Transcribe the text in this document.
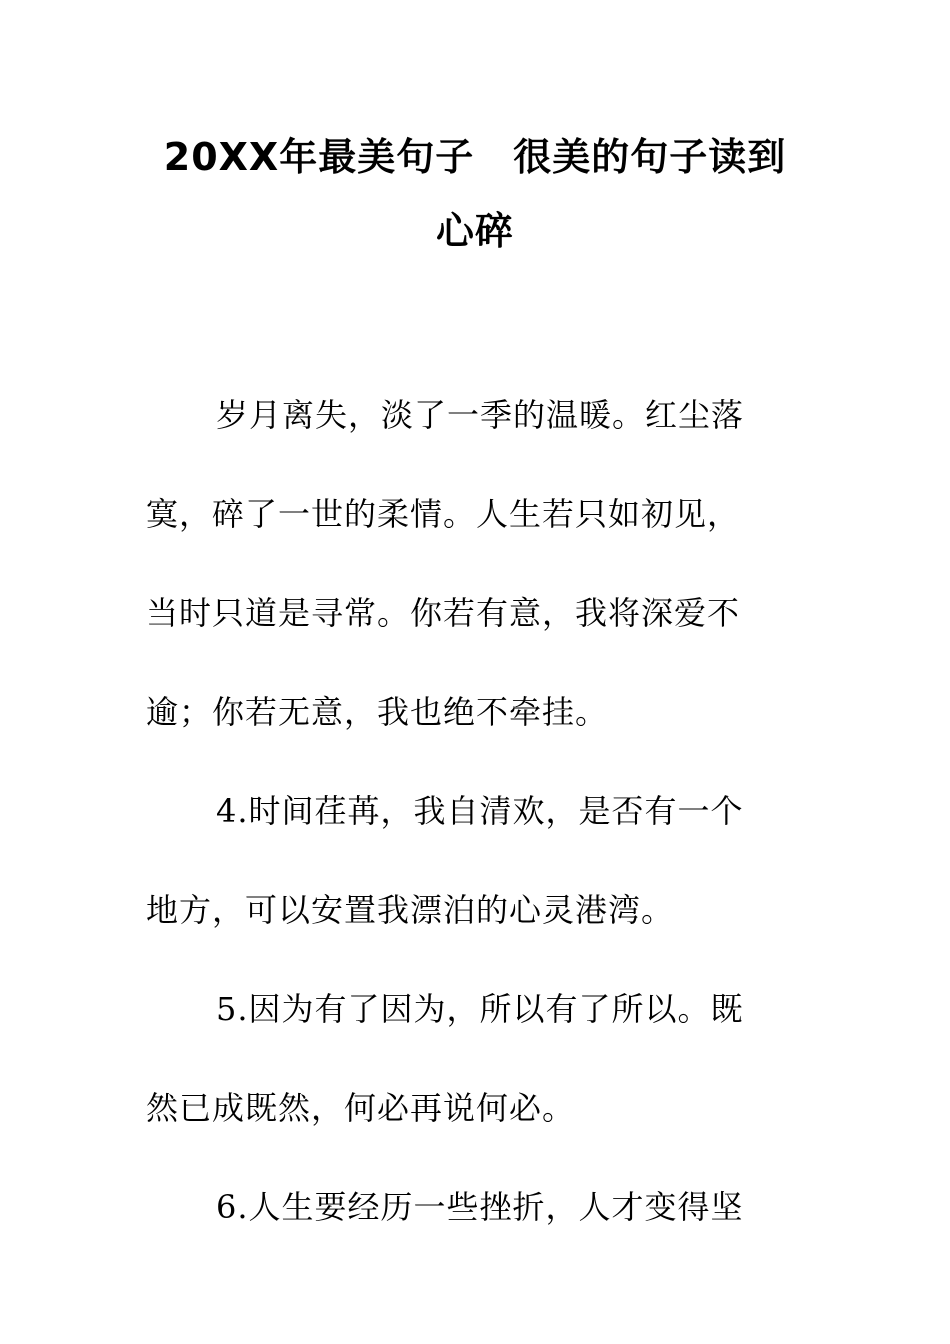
20XX年最美句子　很美的句子读到
心碎
岁月离失，淡了一季的温暖。红尘落
寞，碎了一世的柔情。人生若只如初见，
当时只道是寻常。你若有意，我将深爱不
逾；你若无意，我也绝不牵挂。
4.时间荏苒，我自清欢，是否有一个
地方，可以安置我漂泊的心灵港湾。
5.因为有了因为，所以有了所以。既
然已成既然，何必再说何必。
6.人生要经历一些挫折，人才变得坚
